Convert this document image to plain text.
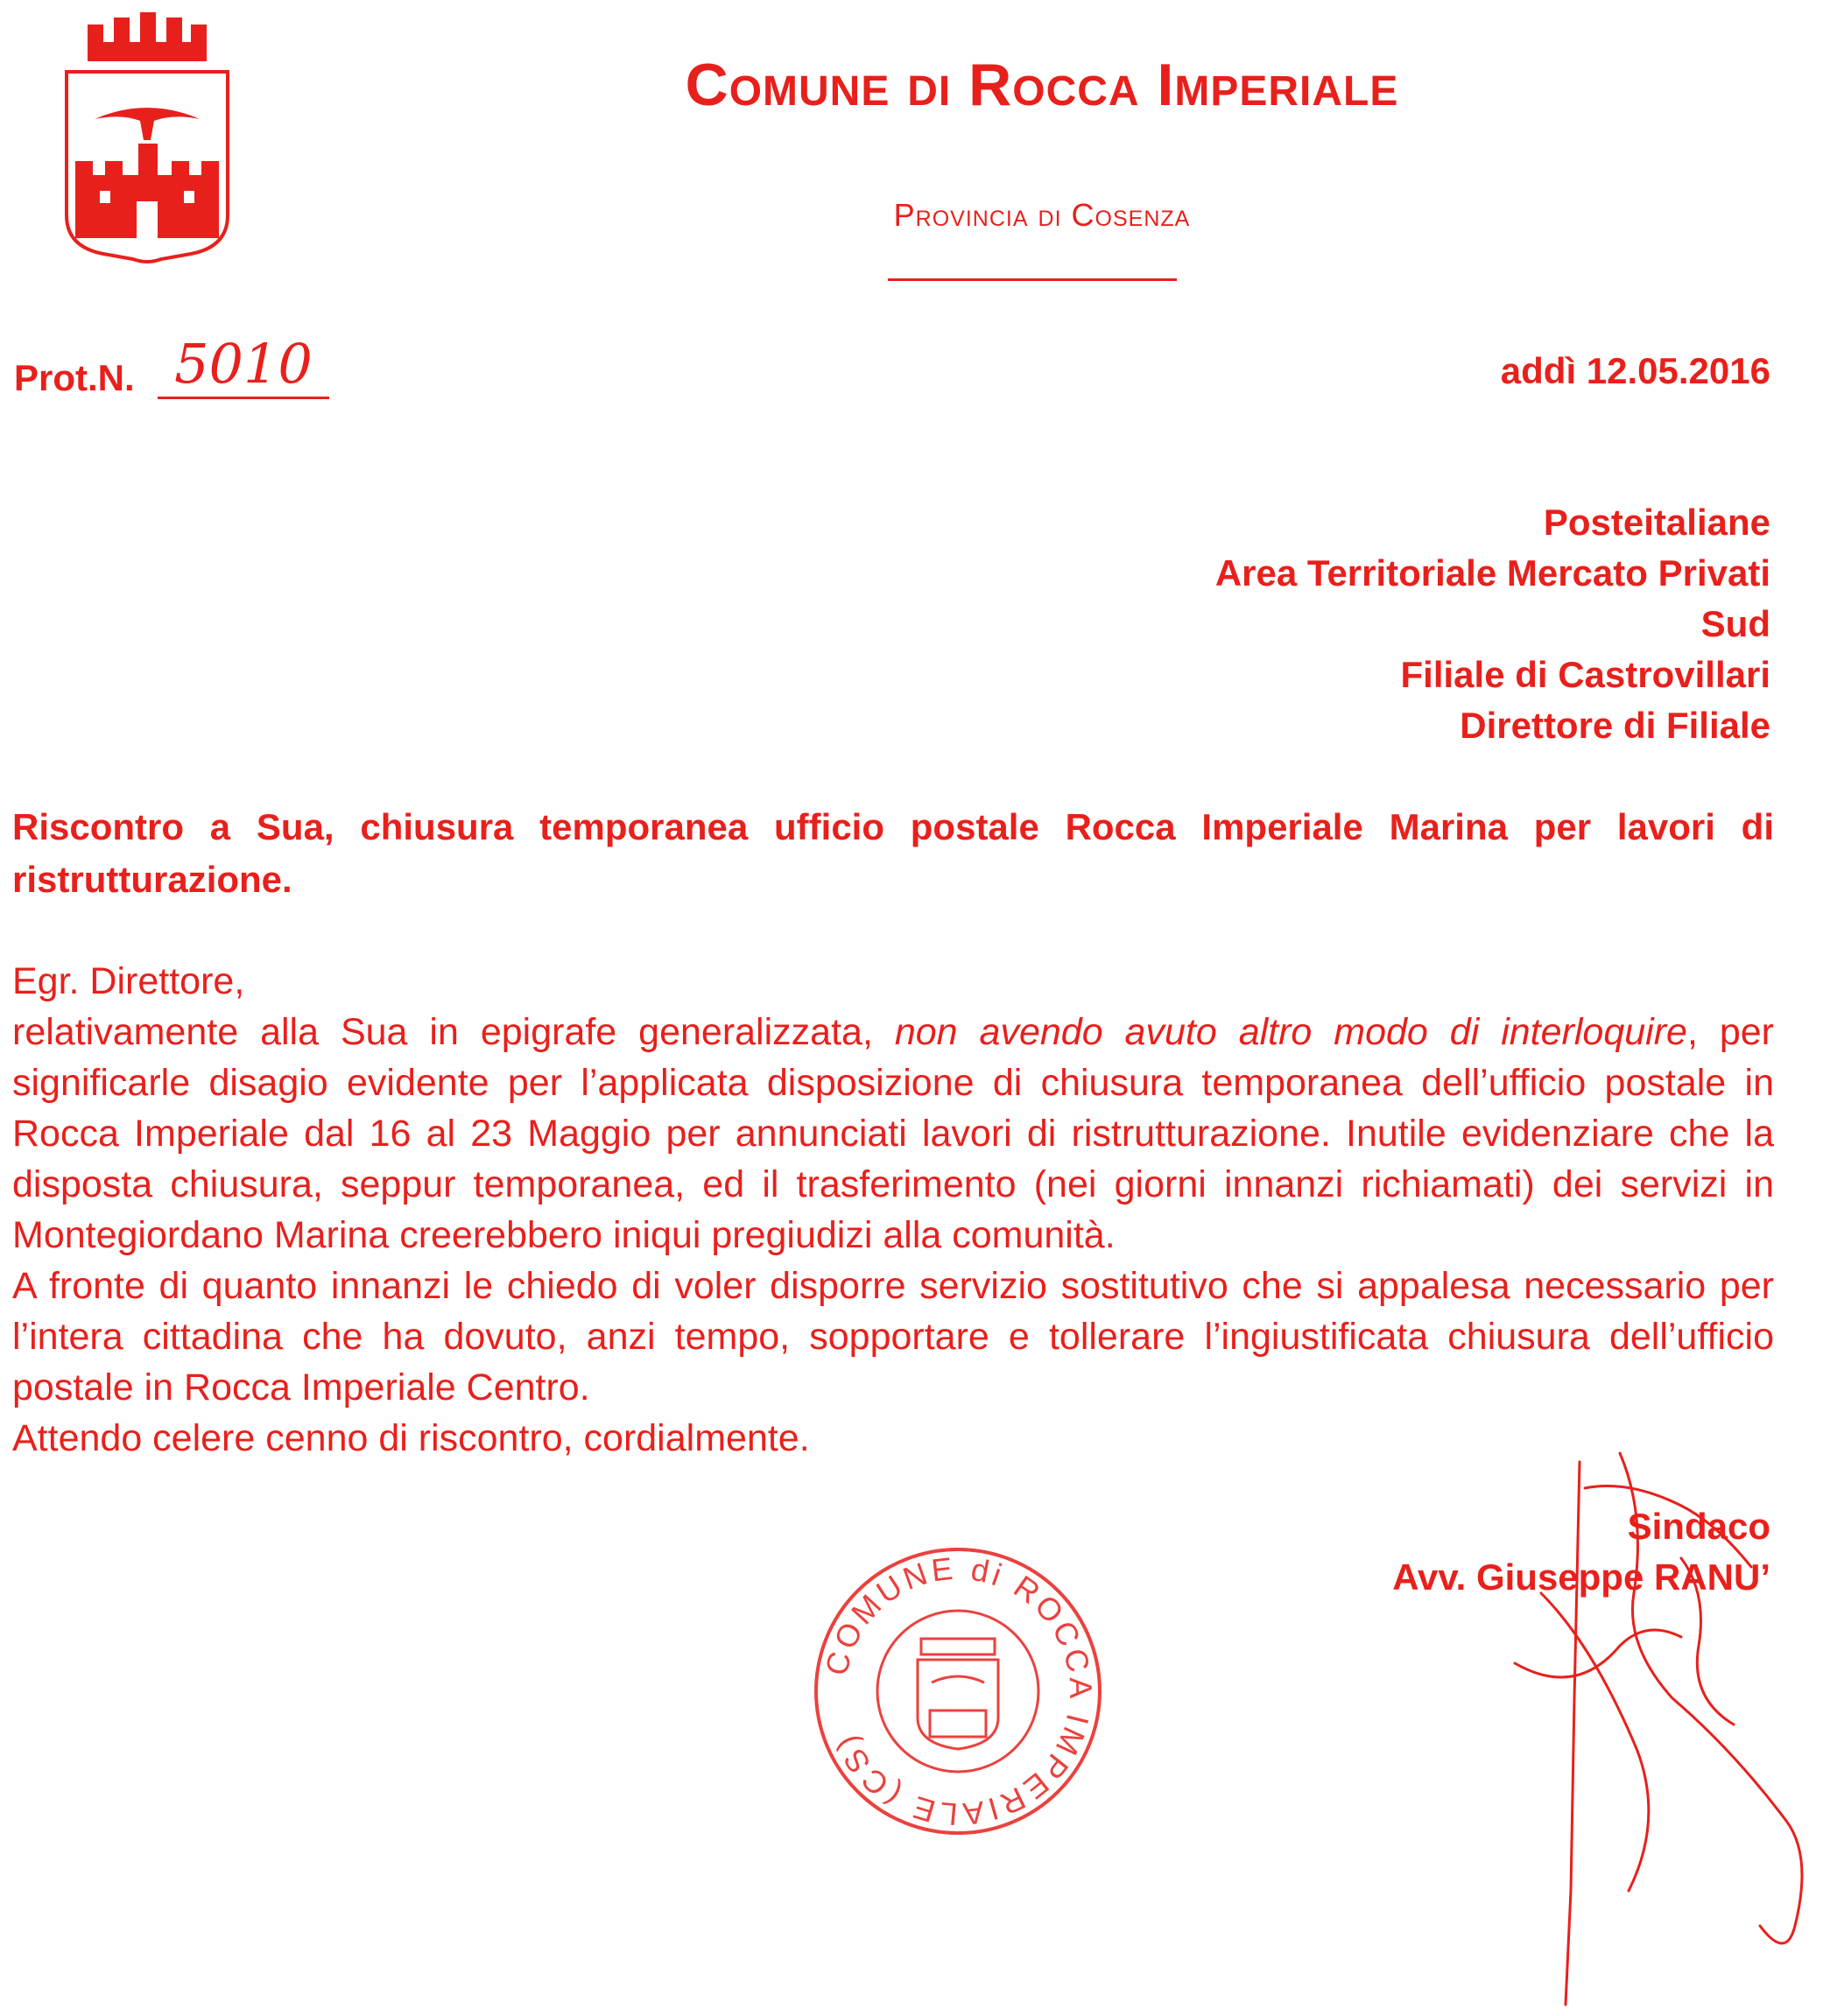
Comune di Rocca Imperiale
Provincia di Cosenza
Prot.N. 5010	addì 12.05.2016
Posteitaliane
Area Territoriale Mercato Privati
Sud
Filiale di Castrovillari
Direttore di Filiale
Riscontro a Sua, chiusura temporanea ufficio postale Rocca Imperiale Marina per lavori di ristrutturazione.

Egr. Direttore,

relativamente alla Sua in epigrafe generalizzata, non avendo avuto altro modo di interloquire, per significarle disagio evidente per l’applicata disposizione di chiusura temporanea dell’ufficio postale in Rocca Imperiale dal 16 al 23 Maggio per annunciati lavori di ristrutturazione. Inutile evidenziare che la disposta chiusura, seppur temporanea, ed il trasferimento (nei giorni innanzi richiamati) dei servizi in Montegiordano Marina creerebbero iniqui pregiudizi alla comunità.

A fronte di quanto innanzi le chiedo di voler disporre servizio sostitutivo che si appalesa necessario per l’intera cittadina che ha dovuto, anzi tempo, sopportare e tollerare l’ingiustificata chiusura dell’ufficio postale in Rocca Imperiale Centro.

Attendo celere cenno di riscontro, cordialmente.

COMUNE di ROCCA IMPERIALE (CS)
Sindaco
Avv. Giuseppe RANU’
